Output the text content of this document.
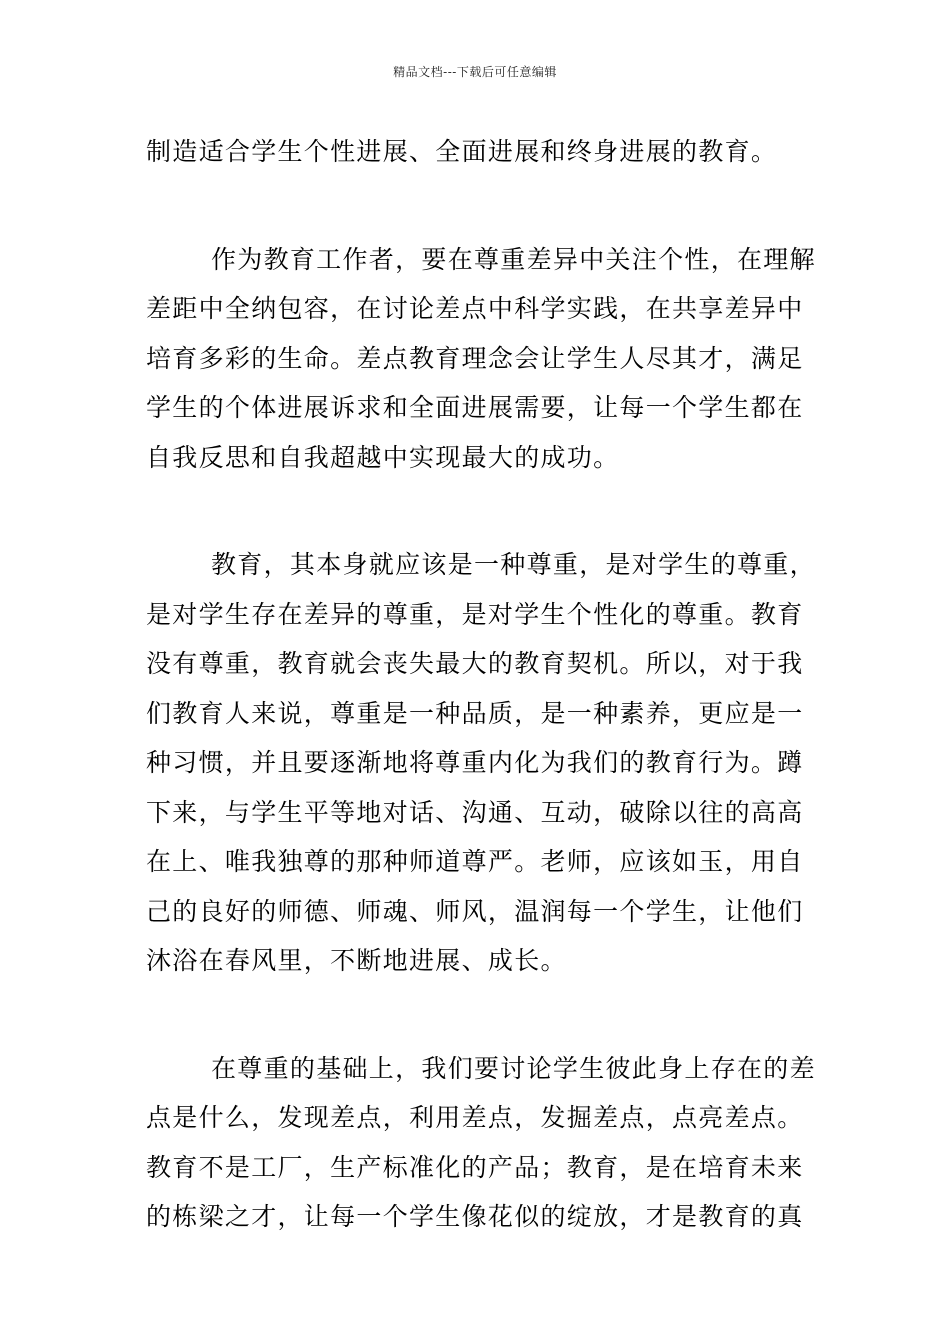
精品文档---下载后可任意编辑
制造适合学生个性进展、全面进展和终身进展的教育。
作为教育工作者，要在尊重差异中关注个性，在理解
差距中全纳包容，在讨论差点中科学实践，在共享差异中
培育多彩的生命。差点教育理念会让学生人尽其才，满足
学生的个体进展诉求和全面进展需要，让每一个学生都在
自我反思和自我超越中实现最大的成功。
教育，其本身就应该是一种尊重，是对学生的尊重，
是对学生存在差异的尊重，是对学生个性化的尊重。教育
没有尊重，教育就会丧失最大的教育契机。所以，对于我
们教育人来说，尊重是一种品质，是一种素养，更应是一
种习惯，并且要逐渐地将尊重内化为我们的教育行为。蹲
下来，与学生平等地对话、沟通、互动，破除以往的高高
在上、唯我独尊的那种师道尊严。老师，应该如玉，用自
己的良好的师德、师魂、师风，温润每一个学生，让他们
沐浴在春风里，不断地进展、成长。
在尊重的基础上，我们要讨论学生彼此身上存在的差
点是什么，发现差点，利用差点，发掘差点，点亮差点。
教育不是工厂，生产标准化的产品；教育，是在培育未来
的栋梁之才，让每一个学生像花似的绽放，才是教育的真
